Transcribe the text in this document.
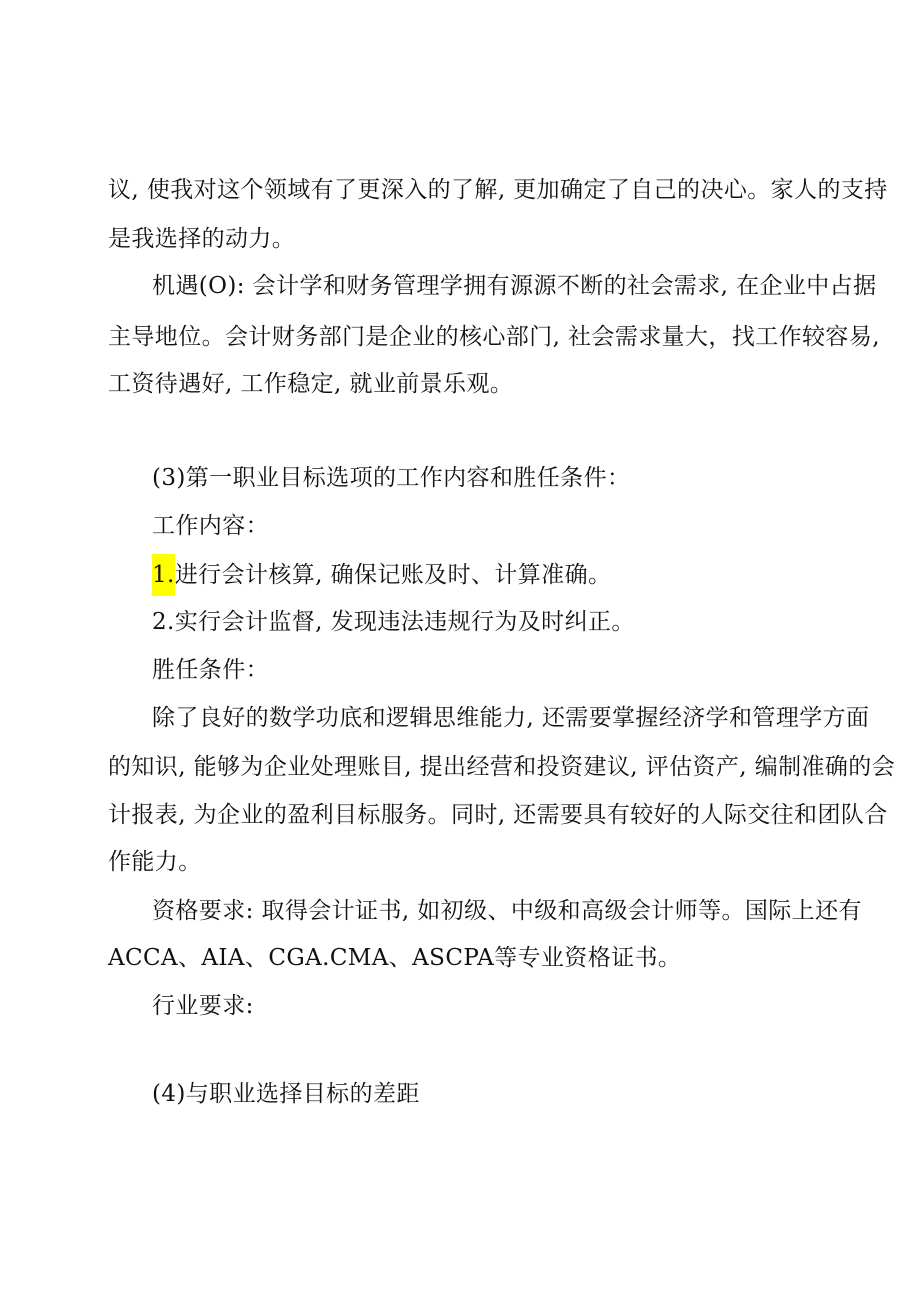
议, 使我对这个领域有了更深入的了解, 更加确定了自己的决心。家人的支持
是我选择的动力。
机遇(O): 会计学和财务管理学拥有源源不断的社会需求, 在企业中占据
主导地位。会计财务部门是企业的核心部门, 社会需求量大，找工作较容易,
工资待遇好, 工作稳定, 就业前景乐观。
(3)第一职业目标选项的工作内容和胜任条件：
工作内容：
1.进行会计核算, 确保记账及时、计算准确。
2.实行会计监督, 发现违法违规行为及时纠正。
胜任条件：
除了良好的数学功底和逻辑思维能力, 还需要掌握经济学和管理学方面
的知识, 能够为企业处理账目, 提出经营和投资建议, 评估资产, 编制准确的会
计报表, 为企业的盈利目标服务。同时, 还需要具有较好的人际交往和团队合
作能力。
资格要求: 取得会计证书, 如初级、中级和高级会计师等。国际上还有
ACCA、AIA、CGA.CMA、ASCPA等专业资格证书。
行业要求:
(4)与职业选择目标的差距
